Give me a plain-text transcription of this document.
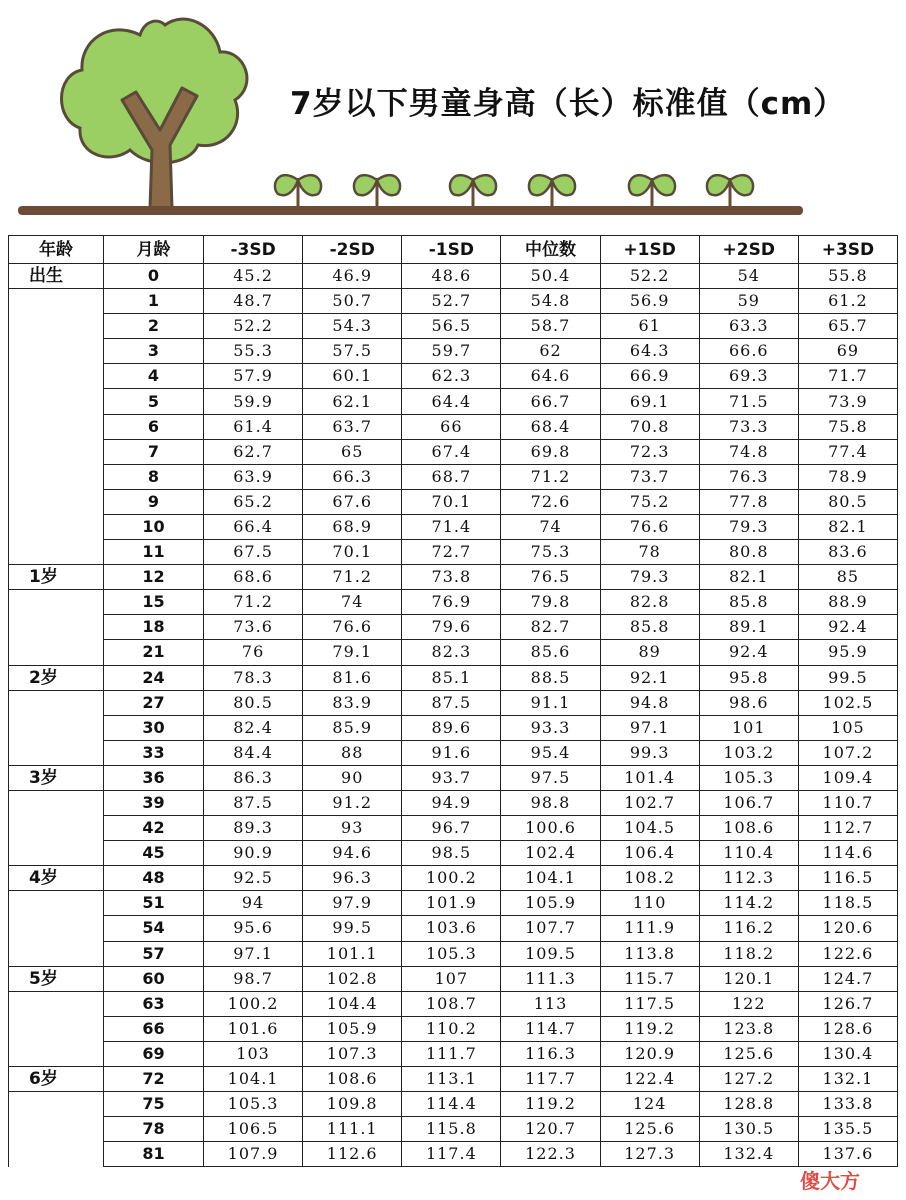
7岁以下男童身高（长）标准值（cm）
年龄	月龄	-3SD	-2SD	-1SD	中位数	+1SD	+2SD	+3SD
出生	0	45.2	46.9	48.6	50.4	52.2	54	55.8
	1	48.7	50.7	52.7	54.8	56.9	59	61.2
	2	52.2	54.3	56.5	58.7	61	63.3	65.7
	3	55.3	57.5	59.7	62	64.3	66.6	69
	4	57.9	60.1	62.3	64.6	66.9	69.3	71.7
	5	59.9	62.1	64.4	66.7	69.1	71.5	73.9
	6	61.4	63.7	66	68.4	70.8	73.3	75.8
	7	62.7	65	67.4	69.8	72.3	74.8	77.4
	8	63.9	66.3	68.7	71.2	73.7	76.3	78.9
	9	65.2	67.6	70.1	72.6	75.2	77.8	80.5
	10	66.4	68.9	71.4	74	76.6	79.3	82.1
	11	67.5	70.1	72.7	75.3	78	80.8	83.6
1岁	12	68.6	71.2	73.8	76.5	79.3	82.1	85
	15	71.2	74	76.9	79.8	82.8	85.8	88.9
	18	73.6	76.6	79.6	82.7	85.8	89.1	92.4
	21	76	79.1	82.3	85.6	89	92.4	95.9
2岁	24	78.3	81.6	85.1	88.5	92.1	95.8	99.5
	27	80.5	83.9	87.5	91.1	94.8	98.6	102.5
	30	82.4	85.9	89.6	93.3	97.1	101	105
	33	84.4	88	91.6	95.4	99.3	103.2	107.2
3岁	36	86.3	90	93.7	97.5	101.4	105.3	109.4
	39	87.5	91.2	94.9	98.8	102.7	106.7	110.7
	42	89.3	93	96.7	100.6	104.5	108.6	112.7
	45	90.9	94.6	98.5	102.4	106.4	110.4	114.6
4岁	48	92.5	96.3	100.2	104.1	108.2	112.3	116.5
	51	94	97.9	101.9	105.9	110	114.2	118.5
	54	95.6	99.5	103.6	107.7	111.9	116.2	120.6
	57	97.1	101.1	105.3	109.5	113.8	118.2	122.6
5岁	60	98.7	102.8	107	111.3	115.7	120.1	124.7
	63	100.2	104.4	108.7	113	117.5	122	126.7
	66	101.6	105.9	110.2	114.7	119.2	123.8	128.6
	69	103	107.3	111.7	116.3	120.9	125.6	130.4
6岁	72	104.1	108.6	113.1	117.7	122.4	127.2	132.1
	75	105.3	109.8	114.4	119.2	124	128.8	133.8
	78	106.5	111.1	115.8	120.7	125.6	130.5	135.5
	81	107.9	112.6	117.4	122.3	127.3	132.4	137.6
傻大方
